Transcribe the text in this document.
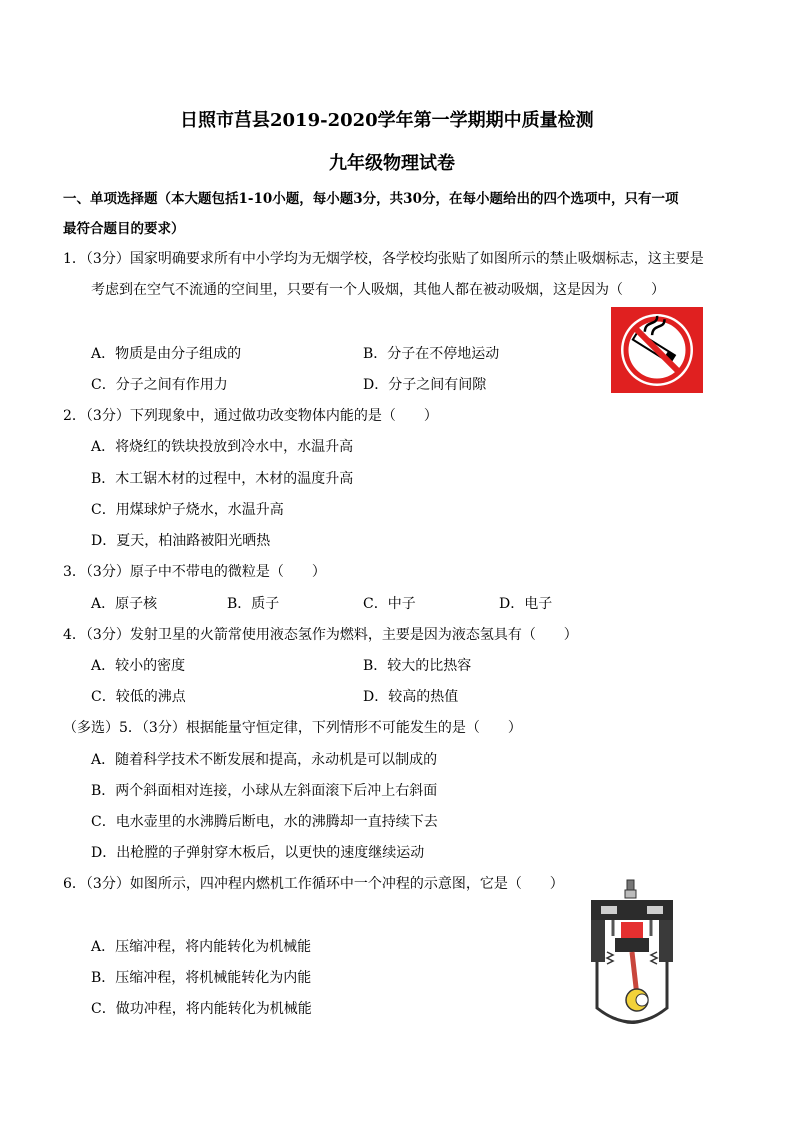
日照市莒县2019-2020学年第一学期期中质量检测
九年级物理试卷
一、单项选择题（本大题包括1-10小题，每小题3分，共30分，在每小题给出的四个选项中，只有一项
最符合题目的要求）
1．（3分）国家明确要求所有中小学均为无烟学校，各学校均张贴了如图所示的禁止吸烟标志，这主要是
考虑到在空气不流通的空间里，只要有一个人吸烟，其他人都在被动吸烟，这是因为（　　）
A．物质是由分子组成的	B．分子在不停地运动
C．分子之间有作用力	D．分子之间有间隙
2．（3分）下列现象中，通过做功改变物体内能的是（　　）
A．将烧红的铁块投放到冷水中，水温升高
B．木工锯木材的过程中，木材的温度升高
C．用煤球炉子烧水，水温升高
D．夏天，柏油路被阳光晒热
3．（3分）原子中不带电的微粒是（　　）
A．原子核	B．质子	C．中子	D．电子
4．（3分）发射卫星的火箭常使用液态氢作为燃料，主要是因为液态氢具有（　　）
A．较小的密度	B．较大的比热容
C．较低的沸点	D．较高的热值
（多选）5．（3分）根据能量守恒定律，下列情形不可能发生的是（　　）
A．随着科学技术不断发展和提高，永动机是可以制成的
B．两个斜面相对连接，小球从左斜面滚下后冲上右斜面
C．电水壶里的水沸腾后断电，水的沸腾却一直持续下去
D．出枪膛的子弹射穿木板后，以更快的速度继续运动
6．（3分）如图所示，四冲程内燃机工作循环中一个冲程的示意图，它是（　　）
A．压缩冲程，将内能转化为机械能
B．压缩冲程，将机械能转化为内能
C．做功冲程，将内能转化为机械能
